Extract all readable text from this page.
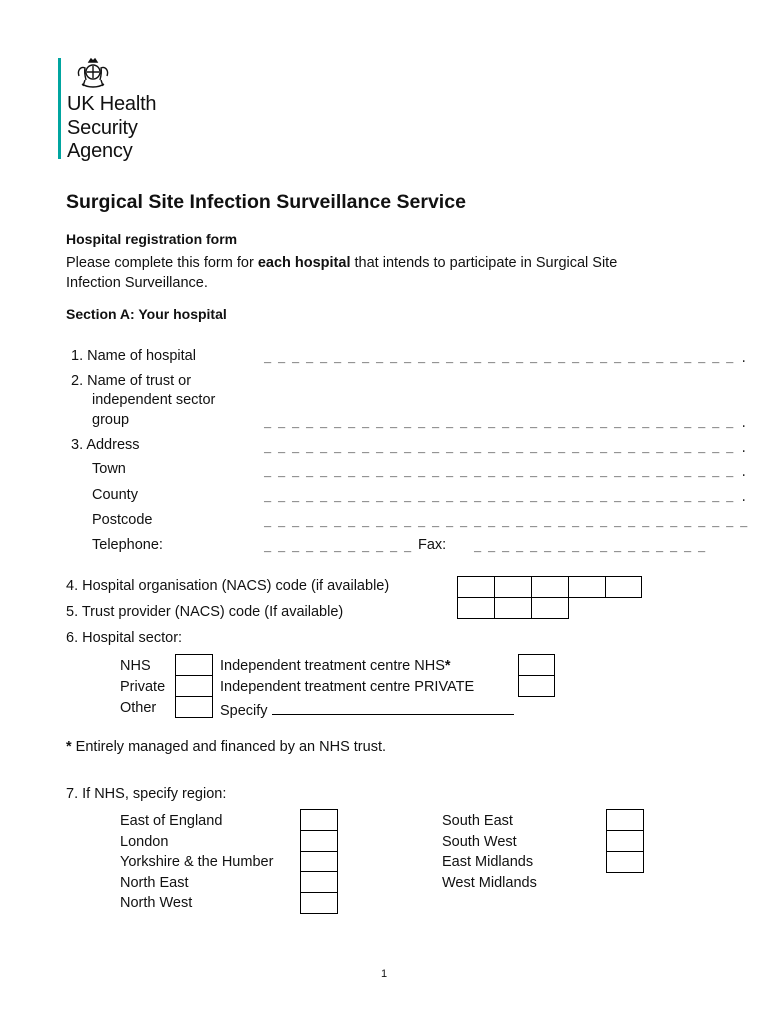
UK Health
Security
Agency
Surgical Site Infection Surveillance Service
Hospital registration form
Please complete this form for each hospital that intends to participate in Surgical Site Infection Surveillance.
Section A: Your hospital
1. Name of hospital	_ _ _ _ _ _ _ _ _ _ _ _ _ _ _ _ _ _ _ _ _ _ _ _ _ _ _ _ _ _ _ _ _ _ .
2. Name of trust or
independent sector
group	_ _ _ _ _ _ _ _ _ _ _ _ _ _ _ _ _ _ _ _ _ _ _ _ _ _ _ _ _ _ _ _ _ _ .
3. Address	_ _ _ _ _ _ _ _ _ _ _ _ _ _ _ _ _ _ _ _ _ _ _ _ _ _ _ _ _ _ _ _ _ _ .
Town	_ _ _ _ _ _ _ _ _ _ _ _ _ _ _ _ _ _ _ _ _ _ _ _ _ _ _ _ _ _ _ _ _ _ .
County	_ _ _ _ _ _ _ _ _ _ _ _ _ _ _ _ _ _ _ _ _ _ _ _ _ _ _ _ _ _ _ _ _ _ .
Postcode	_ _ _ _ _ _ _ _ _ _ _ _ _ _ _ _ _ _ _ _ _ _ _ _ _ _ _ _ _ _ _ _ _ _ _
Telephone:	_ _ _ _ _ _ _ _ _ _ _ Fax: _ _ _ _ _ _ _ _ _ _ _ _ _ _ _ _ _
4. Hospital organisation (NACS) code (if available)
5. Trust provider (NACS) code (If available)
6. Hospital sector:
NHS	Independent treatment centre NHS*
Private	Independent treatment centre PRIVATE
Other	Specify
* Entirely managed and financed by an NHS trust.
7. If NHS, specify region:
East of England
London
Yorkshire & the Humber
North East
North West
South East
South West
East Midlands
West Midlands
1
